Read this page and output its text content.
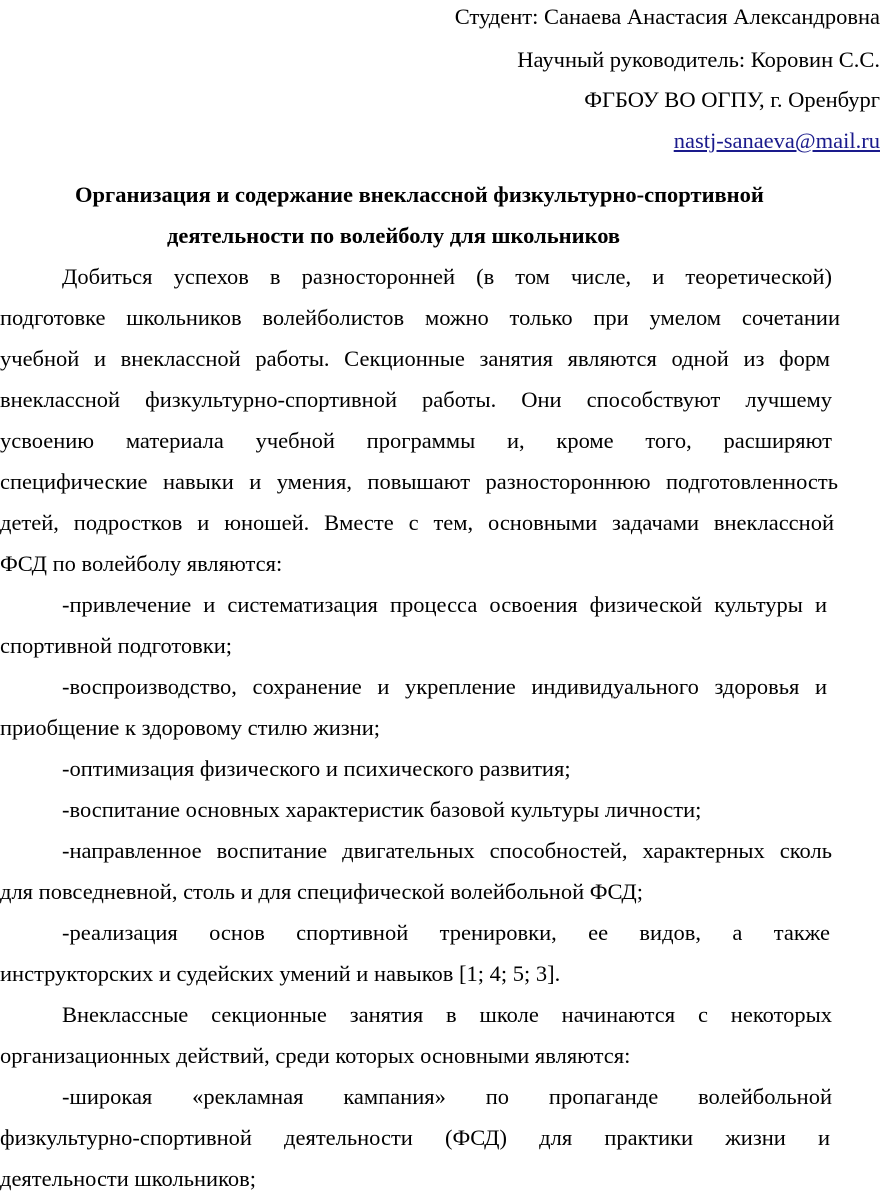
Студент: Санаева Анастасия Александровна
Научный руководитель: Коровин С.С.
ФГБОУ ВО ОГПУ, г. Оренбург
nastj-sanaeva@mail.ru
Организация и содержание внеклассной физкультурно-спортивной
деятельности по волейболу для школьников
Добиться успехов в разносторонней (в том числе, и теоретической)
подготовке школьников волейболистов можно только при умелом сочетании
учебной и внеклассной работы. Секционные занятия являются одной из форм
внеклассной физкультурно-спортивной работы. Они способствуют лучшему
усвоению материала учебной программы и, кроме того, расширяют
специфические навыки и умения, повышают разностороннюю подготовленность
детей, подростков и юношей. Вместе с тем, основными задачами внеклассной
ФСД по волейболу являются:
-привлечение и систематизация процесса освоения физической культуры и
спортивной подготовки;
-воспроизводство, сохранение и укрепление индивидуального здоровья и
приобщение к здоровому стилю жизни;
-оптимизация физического и психического развития;
-воспитание основных характеристик базовой культуры личности;
-направленное воспитание двигательных способностей, характерных сколь
для повседневной, столь и для специфической волейбольной ФСД;
-реализация основ спортивной тренировки, ее видов, а также
инструкторских и судейских умений и навыков [1; 4; 5; 3].
Внеклассные секционные занятия в школе начинаются с некоторых
организационных действий, среди которых основными являются:
-широкая «рекламная кампания» по пропаганде волейбольной
физкультурно-спортивной деятельности (ФСД) для практики жизни и
деятельности школьников;
